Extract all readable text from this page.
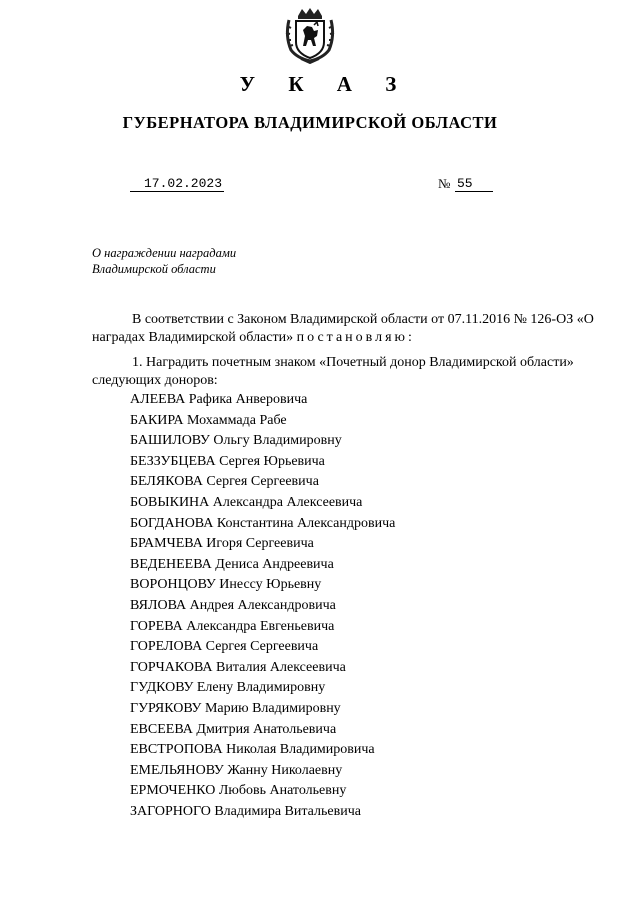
У К А З
ГУБЕРНАТОРА ВЛАДИМИРСКОЙ ОБЛАСТИ
17.02.2023	№ 55
О награждении наградами
Владимирской области
В соответствии с Законом Владимирской области от 07.11.2016 № 126-ОЗ «О наградах Владимирской области» постановляю:
1. Наградить почетным знаком «Почетный донор Владимирской области» следующих доноров:
АЛЕЕВА Рафика Анверовича
БАКИРА Мохаммада Рабе
БАШИЛОВУ Ольгу Владимировну
БЕЗЗУБЦЕВА Сергея Юрьевича
БЕЛЯКОВА Сергея Сергеевича
БОВЫКИНА Александра Алексеевича
БОГДАНОВА Константина Александровича
БРАМЧЕВА Игоря Сергеевича
ВЕДЕНЕЕВА Дениса Андреевича
ВОРОНЦОВУ Инессу Юрьевну
ВЯЛОВА Андрея Александровича
ГОРЕВА Александра Евгеньевича
ГОРЕЛОВА Сергея Сергеевича
ГОРЧАКОВА Виталия Алексеевича
ГУДКОВУ Елену Владимировну
ГУРЯКОВУ Марию Владимировну
ЕВСЕЕВА Дмитрия Анатольевича
ЕВСТРОПОВА Николая Владимировича
ЕМЕЛЬЯНОВУ Жанну Николаевну
ЕРМОЧЕНКО Любовь Анатольевну
ЗАГОРНОГО Владимира Витальевича
